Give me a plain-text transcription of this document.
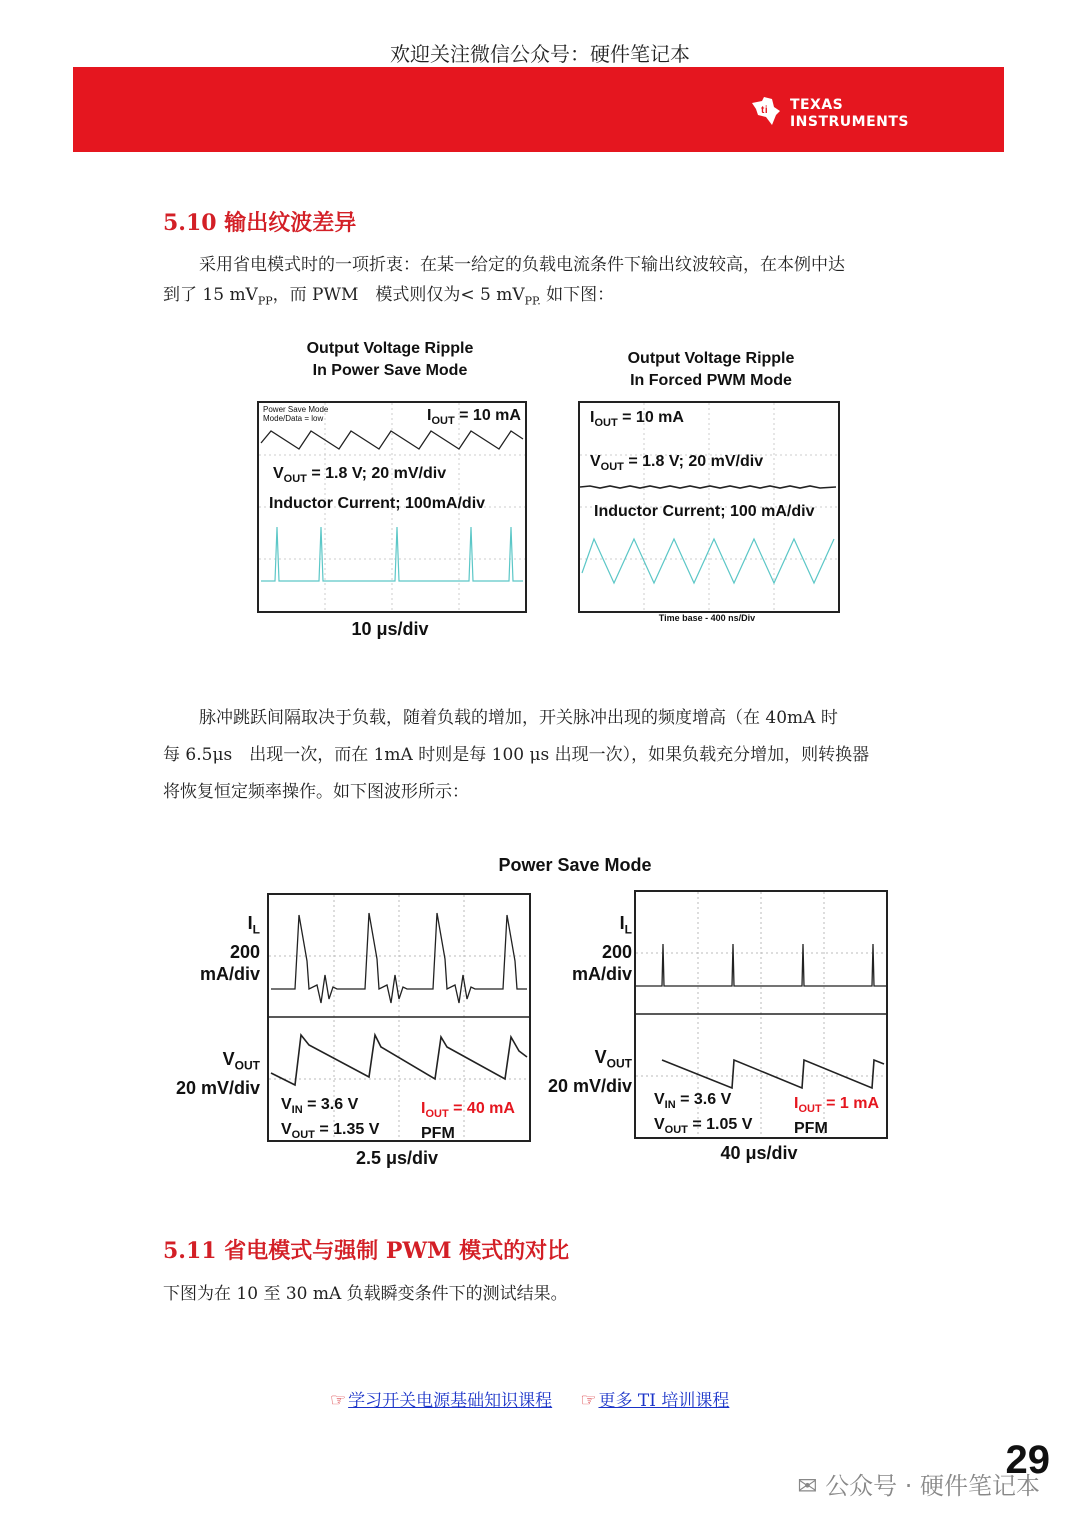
欢迎关注微信公众号：硬件笔记本
ti TEXAS
INSTRUMENTS
5.10 输出纹波差异
采用省电模式时的一项折衷：在某一给定的负载电流条件下输出纹波较高，在本例中达
到了 15 $mV_{PP}$，而 PWM　模式则仅为< 5 $mV_{PP.}$ 如下图：
Output Voltage Ripple
In Power Save Mode
Power Save Mode
Mode/Data = low	$I_{OUT} = 10$ mA
$V_{OUT} = 1.8$ V; 20 mV/div
Inductor Current; 100mA/div
10 μs/div
Output Voltage Ripple
In Forced PWM Mode
$I_{OUT} = 10$ mA
$V_{OUT} = 1.8$ V; 20 mV/div
Inductor Current; 100 mA/div
Time base - 400 ns/Div
脉冲跳跃间隔取决于负载，随着负载的增加，开关脉冲出现的频度增高（在 40mA 时
每 6.5μs　出现一次，而在 1mA 时则是每 100 μs 出现一次），如果负载充分增加，则转换器
将恢复恒定频率操作。如下图波形所示：
Power Save Mode
$I_L$
200 mA/div
$V_{OUT}$
20 mV/div
$V_{IN} = 3.6$ V
$V_{OUT} = 1.35$ V
$I_{OUT} = 40$ mA
PFM
2.5 μs/div
$I_L$
200 mA/div
$V_{OUT}$
20 mV/div
$V_{IN} = 3.6$ V
$V_{OUT} = 1.05$ V
$I_{OUT} = 1$ mA
PFM
40 μs/div
5.11 省电模式与强制 PWM 模式的对比
下图为在 10 至 30 mA 负载瞬变条件下的测试结果。
☞ 学习开关电源基础知识课程 ☞ 更多 TI 培训课程
29
✉ 公众号 · 硬件笔记本
